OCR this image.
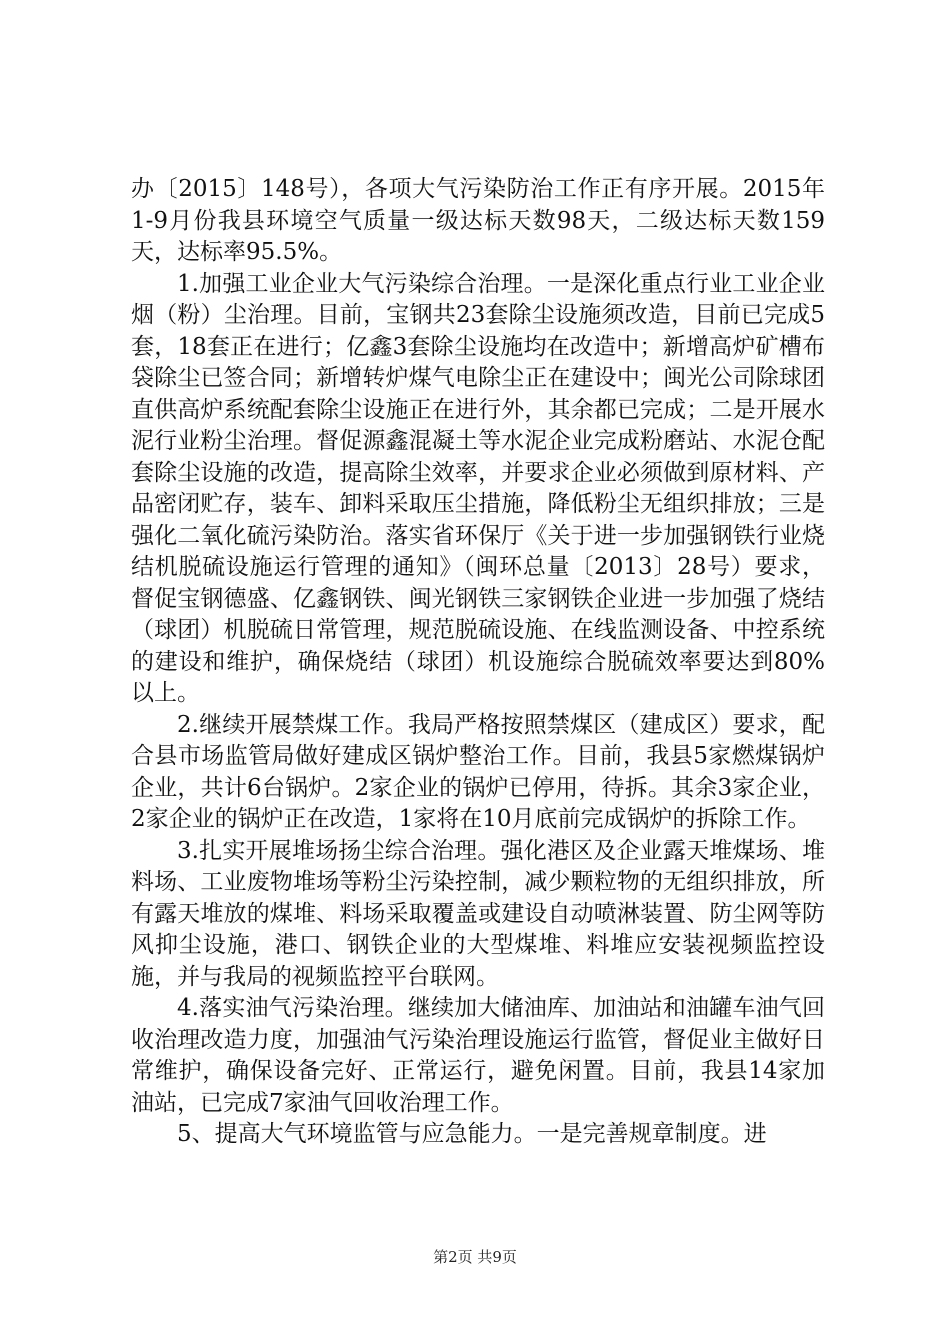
办〔2015〕148号），各项大气污染防治工作正有序开展。2015年1-9月份我县环境空气质量一级达标天数98天，二级达标天数159天，达标率95.5%。

1.加强工业企业大气污染综合治理。一是深化重点行业工业企业烟（粉）尘治理。目前，宝钢共23套除尘设施须改造，目前已完成5套，18套正在进行；亿鑫3套除尘设施均在改造中；新增高炉矿槽布袋除尘已签合同；新增转炉煤气电除尘正在建设中；闽光公司除球团直供高炉系统配套除尘设施正在进行外，其余都已完成；二是开展水泥行业粉尘治理。督促源鑫混凝土等水泥企业完成粉磨站、水泥仓配套除尘设施的改造，提高除尘效率，并要求企业必须做到原材料、产品密闭贮存，装车、卸料采取压尘措施，降低粉尘无组织排放；三是强化二氧化硫污染防治。落实省环保厅《关于进一步加强钢铁行业烧结机脱硫设施运行管理的通知》（闽环总量〔2013〕28号）要求，督促宝钢德盛、亿鑫钢铁、闽光钢铁三家钢铁企业进一步加强了烧结（球团）机脱硫日常管理，规范脱硫设施、在线监测设备、中控系统的建设和维护，确保烧结（球团）机设施综合脱硫效率要达到80%以上。

2.继续开展禁煤工作。我局严格按照禁煤区（建成区）要求，配合县市场监管局做好建成区锅炉整治工作。目前，我县5家燃煤锅炉企业，共计6台锅炉。2家企业的锅炉已停用，待拆。其余3家企业，2家企业的锅炉正在改造，1家将在10月底前完成锅炉的拆除工作。

3.扎实开展堆场扬尘综合治理。强化港区及企业露天堆煤场、堆料场、工业废物堆场等粉尘污染控制，减少颗粒物的无组织排放，所有露天堆放的煤堆、料场采取覆盖或建设自动喷淋装置、防尘网等防风抑尘设施，港口、钢铁企业的大型煤堆、料堆应安装视频监控设施，并与我局的视频监控平台联网。

4.落实油气污染治理。继续加大储油库、加油站和油罐车油气回收治理改造力度，加强油气污染治理设施运行监管，督促业主做好日常维护，确保设备完好、正常运行，避免闲置。目前，我县14家加油站，已完成7家油气回收治理工作。

5、提高大气环境监管与应急能力。一是完善规章制度。进

第2页 共9页
